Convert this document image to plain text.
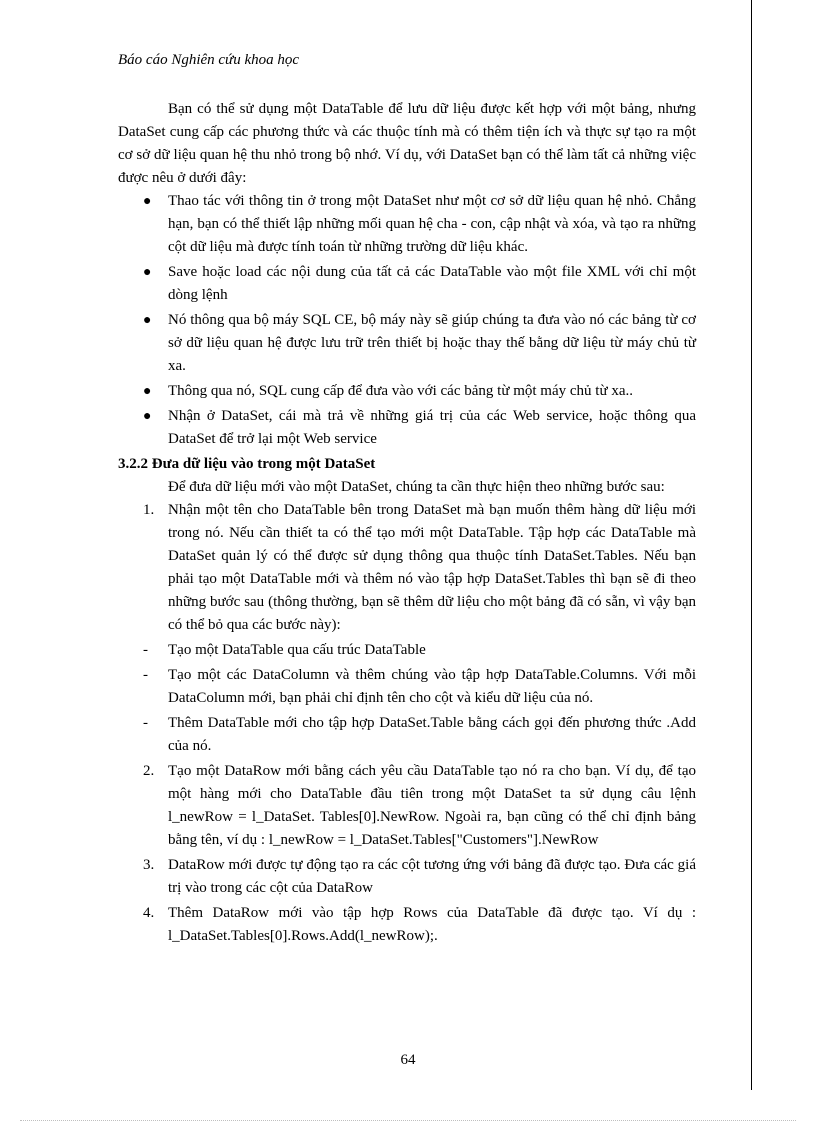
Báo cáo Nghiên cứu khoa học

Bạn có thể sử dụng một DataTable để lưu dữ liệu được kết hợp với một bảng, nhưng DataSet cung cấp các phương thức và các thuộc tính mà có thêm tiện ích và thực sự tạo ra một cơ sở dữ liệu quan hệ thu nhỏ trong bộ nhớ. Ví dụ, với DataSet bạn có thể làm tất cả những việc được nêu ở dưới đây:

● Thao tác với thông tin ở trong một DataSet như một cơ sở dữ liệu quan hệ nhỏ. Chẳng hạn, bạn có thể thiết lập những mối quan hệ cha - con, cập nhật và xóa, và tạo ra những cột dữ liệu mà được tính toán từ những trường dữ liệu khác.
● Save hoặc load các nội dung của tất cả các DataTable vào một file XML với chỉ một dòng lệnh
● Nó thông qua bộ máy SQL CE, bộ máy này sẽ giúp chúng ta đưa vào nó các bảng từ cơ sở dữ liệu quan hệ được lưu trữ trên thiết bị hoặc thay thế bằng dữ liệu từ máy chủ từ xa.
● Thông qua nó, SQL cung cấp để đưa vào với các bảng từ một máy chủ từ xa..
● Nhận ở DataSet, cái mà trả về những giá trị của các Web service, hoặc thông qua DataSet để trở lại một Web service

3.2.2 Đưa dữ liệu vào trong một DataSet

Để đưa dữ liệu mới vào một DataSet, chúng ta cần thực hiện theo những bước sau:

1. Nhận một tên cho DataTable bên trong DataSet mà bạn muốn thêm hàng dữ liệu mới trong nó. Nếu cần thiết ta có thể tạo mới một DataTable. Tập hợp các DataTable mà DataSet quản lý có thể được sử dụng thông qua thuộc tính DataSet.Tables. Nếu bạn phải tạo một DataTable mới và thêm nó vào tập hợp DataSet.Tables thì bạn sẽ đi theo những bước sau (thông thường, bạn sẽ thêm dữ liệu cho một bảng đã có sẵn, vì vậy bạn có thể bỏ qua các bước này):
- Tạo một DataTable qua cấu trúc DataTable
- Tạo một các DataColumn và thêm chúng vào tập hợp DataTable.Columns. Với mỗi DataColumn mới, bạn phải chỉ định tên cho cột và kiểu dữ liệu của nó.
- Thêm DataTable mới cho tập hợp DataSet.Table bằng cách gọi đến phương thức .Add của nó.
2. Tạo một DataRow mới bằng cách yêu cầu DataTable tạo nó ra cho bạn. Ví dụ, để tạo một hàng mới cho DataTable đầu tiên trong một DataSet ta sử dụng câu lệnh l_newRow = l_DataSet. Tables[0].NewRow. Ngoài ra, bạn cũng có thể chỉ định bảng bằng tên, ví dụ : l_newRow = l_DataSet.Tables["Customers"].NewRow
3. DataRow mới được tự động tạo ra các cột tương ứng với bảng đã được tạo. Đưa các giá trị vào trong các cột của DataRow
4. Thêm DataRow mới vào tập hợp Rows của DataTable đã được tạo. Ví dụ : l_DataSet.Tables[0].Rows.Add(l_newRow);.
64
